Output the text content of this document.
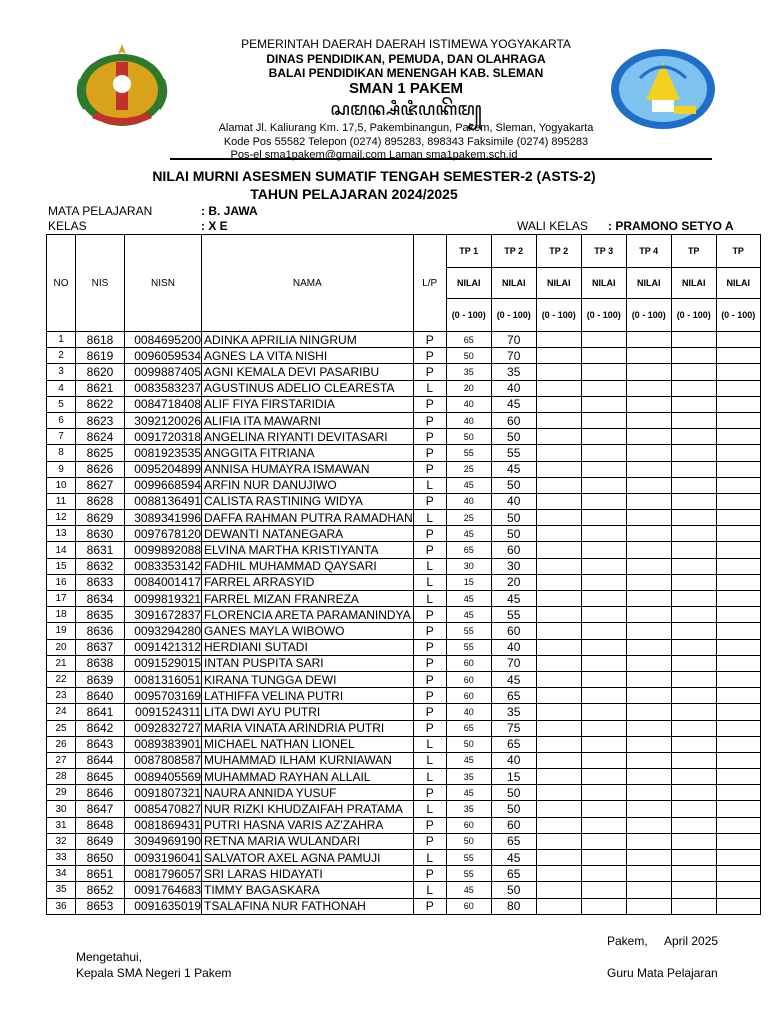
PEMERINTAH DAERAH DAERAH ISTIMEWA YOGYAKARTA
DINAS PENDIDIKAN, PEMUDA, DAN OLAHRAGA
BALAI PENDIDIKAN MENENGAH KAB. SLEMAN
SMAN 1 PAKEM
ꦱꦩꦤ꧀ꦱꦶꦗꦶꦥꦏꦼꦩ꧀
Alamat Jl. Kaliurang Km. 17,5, Pakembinangun, Pakem, Sleman, Yogyakarta
Kode Pos 55582 Telepon (0274) 895283, 898343 Faksimile (0274) 895283
Pos-el sma1pakem@gmail.com Laman sma1pakem.sch.id
NILAI MURNI ASESMEN SUMATIF TENGAH SEMESTER-2 (ASTS-2)
TAHUN PELAJARAN 2024/2025
MATA PELAJARAN	: B. JAWA
KELAS	: X E	WALI KELAS : PRAMONO SETYO A
NO	NIS	NISN	NAMA	L/P	TP 1	TP 2	TP 2	TP 3	TP 4	TP	TP
					NILAI	NILAI	NILAI	NILAI	NILAI	NILAI	NILAI
					(0 - 100)	(0 - 100)	(0 - 100)	(0 - 100)	(0 - 100)	(0 - 100)	(0 - 100)
1	8618	0084695200	ADINKA APRILIA NINGRUM	P	65	70					
2	8619	0096059534	AGNES LA VITA NISHI	P	50	70					
3	8620	0099887405	AGNI KEMALA DEVI PASARIBU	P	35	35					
4	8621	0083583237	AGUSTINUS ADELIO CLEARESTA	L	20	40					
5	8622	0084718408	ALIF FIYA FIRSTARIDIA	P	40	45					
6	8623	3092120026	ALIFIA ITA MAWARNI	P	40	60					
7	8624	0091720318	ANGELINA RIYANTI DEVITASARI	P	50	50					
8	8625	0081923535	ANGGITA FITRIANA	P	55	55					
9	8626	0095204899	ANNISA HUMAYRA ISMAWAN	P	25	45					
10	8627	0099668594	ARFIN NUR DANUJIWO	L	45	50					
11	8628	0088136491	CALISTA RASTINING WIDYA	P	40	40					
12	8629	3089341996	DAFFA RAHMAN PUTRA RAMADHAN	L	25	50					
13	8630	0097678120	DEWANTI NATANEGARA	P	45	50					
14	8631	0099892088	ELVINA MARTHA KRISTIYANTA	P	65	60					
15	8632	0083353142	FADHIL MUHAMMAD QAYSARI	L	30	30					
16	8633	0084001417	FARREL ARRASYID	L	15	20					
17	8634	0099819321	FARREL MIZAN FRANREZA	L	45	45					
18	8635	3091672837	FLORENCIA ARETA PARAMANINDYA	P	45	55					
19	8636	0093294280	GANES MAYLA WIBOWO	P	55	60					
20	8637	0091421312	HERDIANI SUTADI	P	55	40					
21	8638	0091529015	INTAN PUSPITA SARI	P	60	70					
22	8639	0081316051	KIRANA TUNGGA DEWI	P	60	45					
23	8640	0095703169	LATHIFFA VELINA PUTRI	P	60	65					
24	8641	0091524311	LITA DWI AYU PUTRI	P	40	35					
25	8642	0092832727	MARIA VINATA ARINDRIA PUTRI	P	65	75					
26	8643	0089383901	MICHAEL NATHAN LIONEL	L	50	65					
27	8644	0087808587	MUHAMMAD ILHAM KURNIAWAN	L	45	40					
28	8645	0089405569	MUHAMMAD RAYHAN ALLAIL	L	35	15					
29	8646	0091807321	NAURA ANNIDA YUSUF	P	45	50					
30	8647	0085470827	NUR RIZKI KHUDZAIFAH PRATAMA	L	35	50					
31	8648	0081869431	PUTRI HASNA VARIS AZ'ZAHRA	P	60	60					
32	8649	3094969190	RETNA MARIA WULANDARI	P	50	65					
33	8650	0093196041	SALVATOR AXEL AGNA PAMUJI	L	55	45					
34	8651	0081796057	SRI LARAS HIDAYATI	P	55	65					
35	8652	0091764683	TIMMY BAGASKARA	L	45	50					
36	8653	0091635019	TSALAFINA NUR FATHONAH	P	60	80					
Pakem, April 2025
Mengetahui,
Kepala SMA Negeri 1 Pakem	Guru Mata Pelajaran
